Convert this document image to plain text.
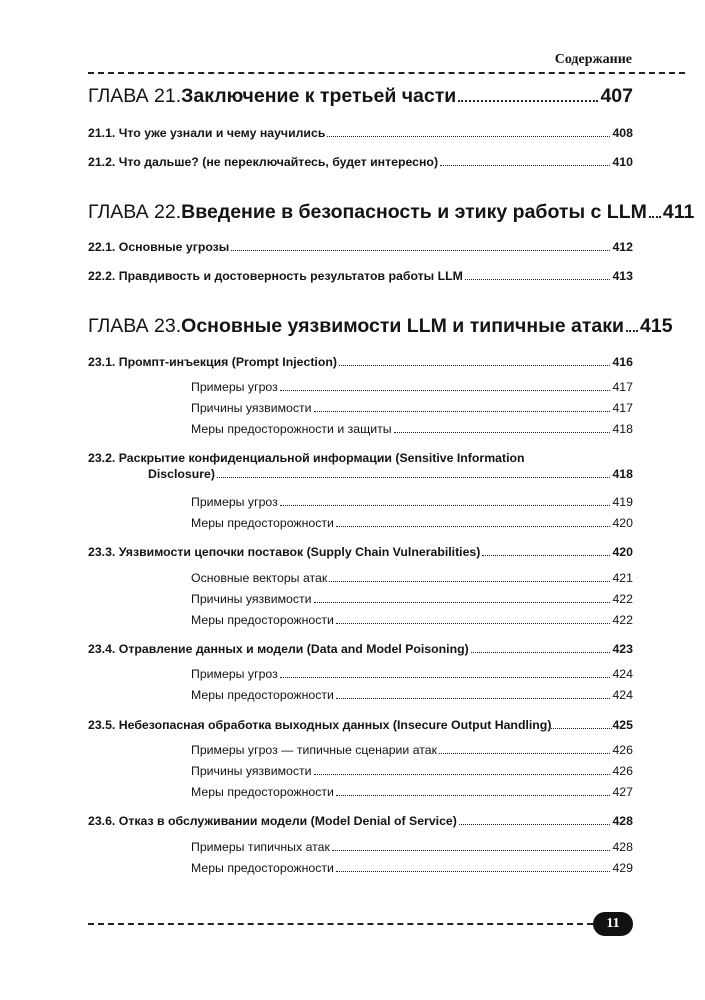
Содержание
ГЛАВА 21. Заключение к третьей части	407
21.1. Что уже узнали и чему научились	408
21.2. Что дальше? (не переключайтесь, будет интересно)	410
ГЛАВА 22. Введение в безопасность и этику работы с LLM 411
22.1. Основные угрозы	412
22.2. Правдивость и достоверность результатов работы LLM	413
ГЛАВА 23. Основные уязвимости LLM и типичные атаки 415
23.1. Промпт-инъекция (Prompt Injection)	416
Примеры угроз	417
Причины уязвимости	417
Меры предосторожности и защиты	418
23.2. Раскрытие конфиденциальной информации (Sensitive Information
Disclosure)	418
Примеры угроз	419
Меры предосторожности	420
23.3. Уязвимости цепочки поставок (Supply Chain Vulnerabilities)	420
Основные векторы атак	421
Причины уязвимости	422
Меры предосторожности	422
23.4. Отравление данных и модели (Data and Model Poisoning)	423
Примеры угроз	424
Меры предосторожности	424
23.5. Небезопасная обработка выходных данных (Insecure Output Handling)	425
Примеры угроз — типичные сценарии атак	426
Причины уязвимости	426
Меры предосторожности	427
23.6. Отказ в обслуживании модели (Model Denial of Service)	428
Примеры типичных атак	428
Меры предосторожности	429
11
